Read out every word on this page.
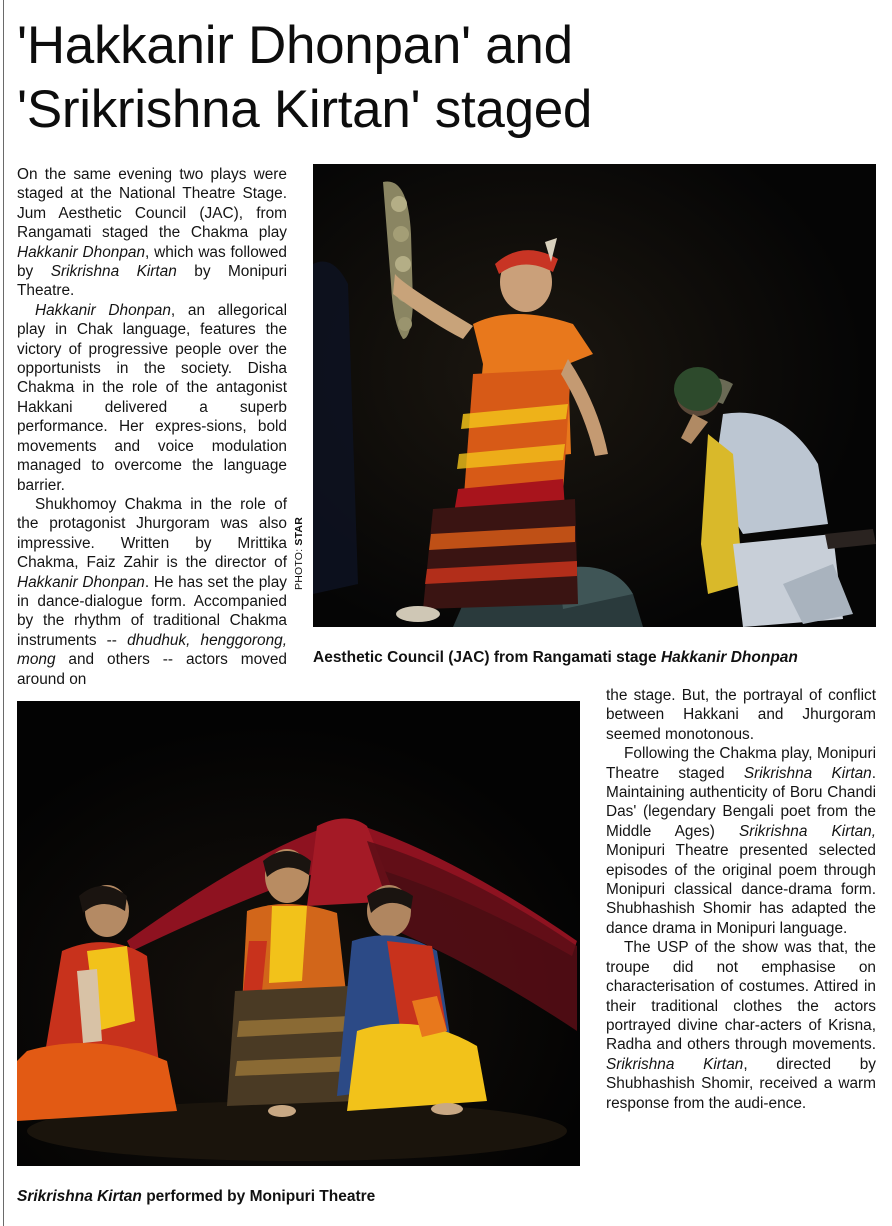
'Hakkanir Dhonpan' and
'Srikrishna Kirtan' staged

On the same evening two plays were staged at the National Theatre Stage. Jum Aesthetic Council (JAC), from Rangamati staged the Chakma play Hakkanir Dhonpan, which was followed by Srikrishna Kirtan by Monipuri Theatre.

Hakkanir Dhonpan, an allegorical play in Chak language, features the victory of progressive people over the opportunists in the society. Disha Chakma in the role of the antagonist Hakkani delivered a superb performance. Her expres-sions, bold movements and voice modulation managed to overcome the language barrier.

Shukhomoy Chakma in the role of the protagonist Jhurgoram was also impressive. Written by Mrittika Chakma, Faiz Zahir is the director of Hakkanir Dhonpan. He has set the play in dance-dialogue form. Accompanied by the rhythm of traditional Chakma instruments -- dhudhuk, henggorong, mong and others -- actors moved around on

PHOTO: STAR
Aesthetic Council (JAC) from Rangamati stage Hakkanir Dhonpan

the stage. But, the portrayal of conflict between Hakkani and Jhurgoram seemed monotonous.

Following the Chakma play, Monipuri Theatre staged Srikrishna Kirtan. Maintaining authenticity of Boru Chandi Das' (legendary Bengali poet from the Middle Ages) Srikrishna Kirtan, Monipuri Theatre presented selected episodes of the original poem through Monipuri classical dance-drama form. Shubhashish Shomir has adapted the dance drama in Monipuri language.

The USP of the show was that, the troupe did not emphasise on characterisation of costumes. Attired in their traditional clothes the actors portrayed divine char-acters of Krisna, Radha and others through movements. Srikrishna Kirtan, directed by Shubhashish Shomir, received a warm response from the audi-ence.

Srikrishna Kirtan performed by Monipuri Theatre
